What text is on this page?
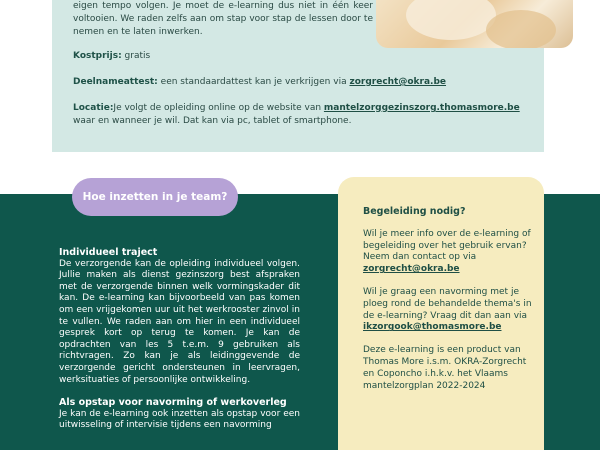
eigen tempo volgen. Je moet de e-learning dus niet in één keer voltooien. We raden zelfs aan om stap voor stap de lessen door te nemen en te laten inwerken.

Kostprijs: gratis
Deelnameattest: een standaardattest kan je verkrijgen via zorgrecht@okra.be
Locatie:Je volgt de opleiding online op de website van mantelzorggezinszorg.thomasmore.be
waar en wanneer je wil. Dat kan via pc, tablet of smartphone.
Hoe inzetten in je team?
Individueel traject

De verzorgende kan de opleiding individueel volgen. Jullie maken als dienst gezinszorg best afspraken met de verzorgende binnen welk vormingskader dit kan. De e-learning kan bijvoorbeeld van pas komen om een vrijgekomen uur uit het werkrooster zinvol in te vullen. We raden aan om hier in een individueel gesprek kort op terug te komen. Je kan de opdrachten van les 5 t.e.m. 9 gebruiken als richtvragen. Zo kan je als leidinggevende de verzorgende gericht ondersteunen in leervragen, werksituaties of persoonlijke ontwikkeling.

Als opstap voor navorming of werkoverleg

Je kan de e-learning ook inzetten als opstap voor een uitwisseling of intervisie tijdens een navorming

Begeleiding nodig?

Wil je meer info over de e-learning of begeleiding over het gebruik ervan? Neem dan contact op via

zorgrecht@okra.be

Wil je graag een navorming met je ploeg rond de behandelde thema's in de e-learning? Vraag dit dan aan via

ikzorgook@thomasmore.be

Deze e-learning is een product van Thomas More i.s.m. OKRA-Zorgrecht en Coponcho i.h.k.v. het Vlaams mantelzorgplan 2022-2024
